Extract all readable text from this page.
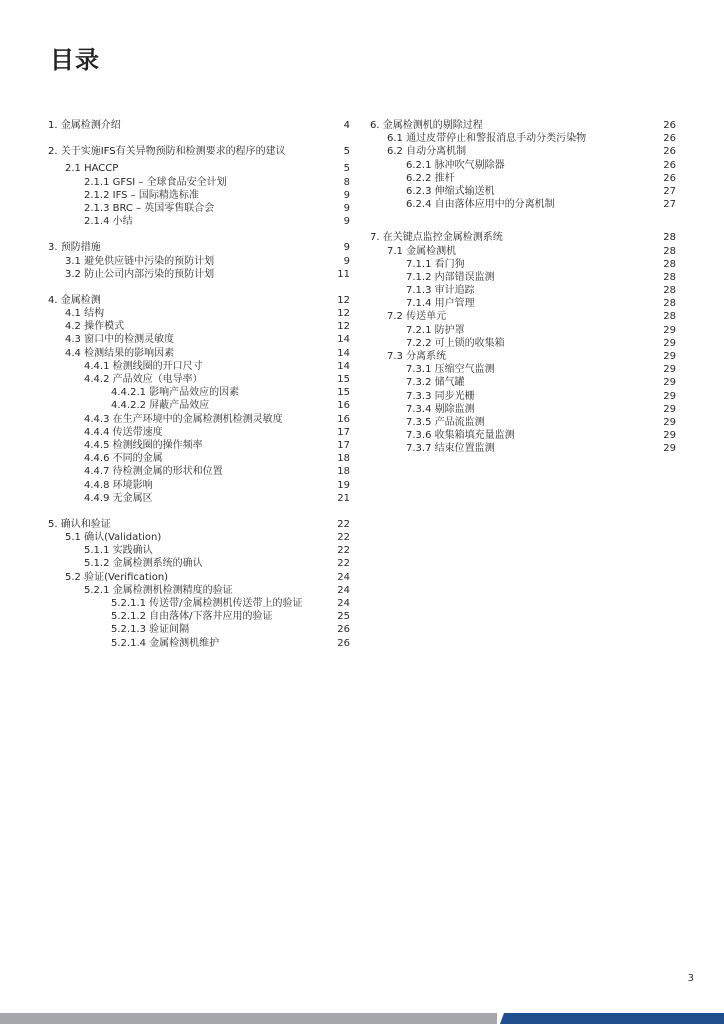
目录
1. 金属检测介绍	4
2. 关于实施IFS有关异物预防和检测要求的程序的建议	5
2.1 HACCP	5
2.1.1 GFSI – 全球食品安全计划	8
2.1.2 IFS – 国际精选标准	9
2.1.3 BRC – 英国零售联合会	9
2.1.4 小结	9
3. 预防措施	9
3.1 避免供应链中污染的预防计划	9
3.2 防止公司内部污染的预防计划	11
4. 金属检测	12
4.1 结构	12
4.2 操作模式	12
4.3 窗口中的检测灵敏度	14
4.4 检测结果的影响因素	14
4.4.1 检测线圈的开口尺寸	14
4.4.2 产品效应（电导率）	15
4.4.2.1 影响产品效应的因素	15
4.4.2.2 屏蔽产品效应	16
4.4.3 在生产环境中的金属检测机检测灵敏度	16
4.4.4 传送带速度	17
4.4.5 检测线圈的操作频率	17
4.4.6 不同的金属	18
4.4.7 待检测金属的形状和位置	18
4.4.8 环境影响	19
4.4.9 无金属区	21
5. 确认和验证	22
5.1 确认(Validation)	22
5.1.1 实践确认	22
5.1.2 金属检测系统的确认	22
5.2 验证(Verification)	24
5.2.1 金属检测机检测精度的验证	24
5.2.1.1 传送带/金属检测机传送带上的验证	24
5.2.1.2 自由落体/下落井应用的验证	25
5.2.1.3 验证间隔	26
5.2.1.4 金属检测机维护	26
6. 金属检测机的剔除过程	26
6.1 通过皮带停止和警报消息手动分类污染物	26
6.2 自动分离机制	26
6.2.1 脉冲吹气剔除器	26
6.2.2 推杆	26
6.2.3 伸缩式输送机	27
6.2.4 自由落体应用中的分离机制	27
7. 在关键点监控金属检测系统	28
7.1 金属检测机	28
7.1.1 看门狗	28
7.1.2 内部错误监测	28
7.1.3 审计追踪	28
7.1.4 用户管理	28
7.2 传送单元	28
7.2.1 防护罩	29
7.2.2 可上锁的收集箱	29
7.3 分离系统	29
7.3.1 压缩空气监测	29
7.3.2 储气罐	29
7.3.3 同步光栅	29
7.3.4 剔除监测	29
7.3.5 产品流监测	29
7.3.6 收集箱填充量监测	29
7.3.7 结束位置监测	29
3
